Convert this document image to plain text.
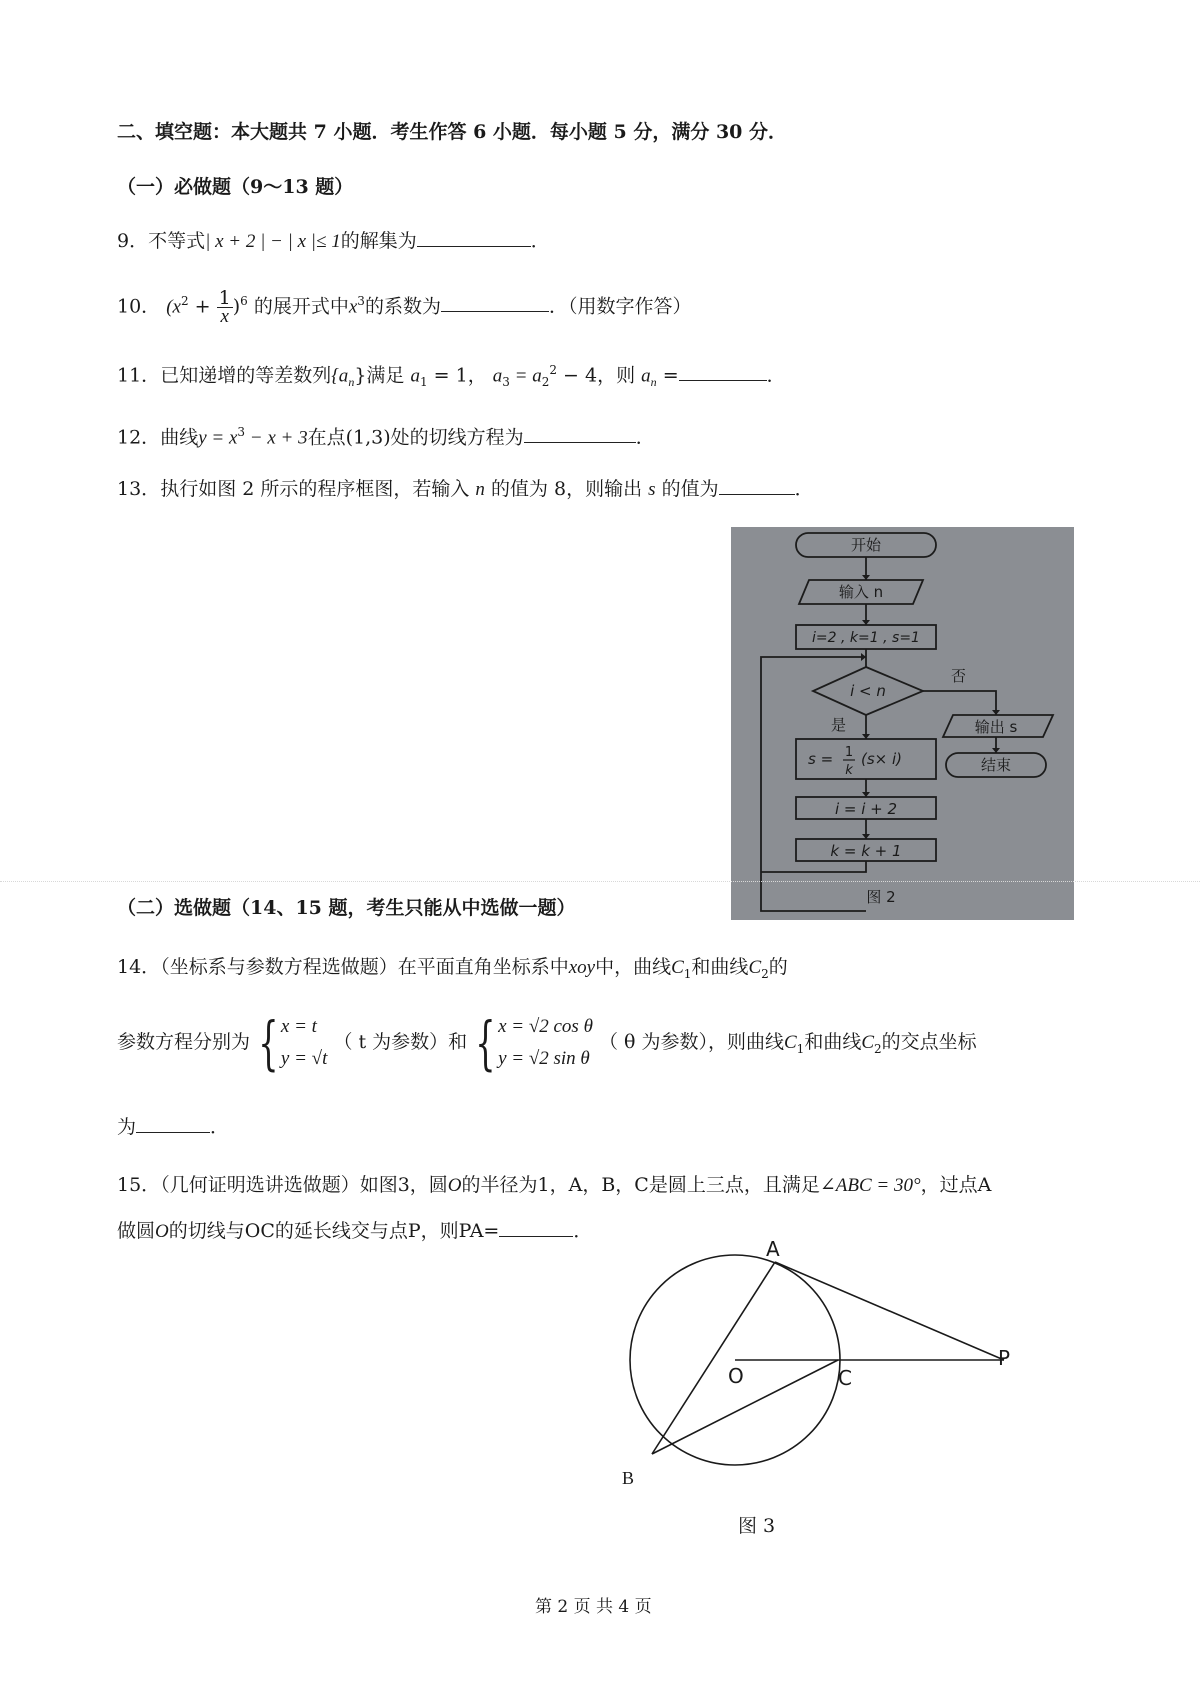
二、填空题：本大题共 7 小题．考生作答 6 小题．每小题 5 分，满分 30 分．
（一）必做题（9～13 题）
9．不等式| x + 2 | − | x |≤ 1的解集为	．
10． $(x^2 + \frac{1}{x} )^6$ 的展开式中$x^3$的系数为	．（用数字作答）
11．已知递增的等差数列$\{a_n\}$满足 $a_1 = 1$， $a_3 = a_2^2 - 4$，则 $a_n$ =	．
12．曲线$y = x^3 - x + 3$在点(1,3)处的切线方程为	．
13．执行如图 2 所示的程序框图，若输入 n 的值为 8，则输出 s 的值为	．
开始
输入 n
i=2 , k=1 , s=1
i < n
否
是
s = 1
k
(s× i)
i = i + 2
k = k + 1
输出 s
结束
图 2
（二）选做题（14、15 题，考生只能从中选做一题）
14．（坐标系与参数方程选做题）在平面直角坐标系中xoy中，曲线$C_1$和曲线$C_2$的
参数方程分别为 { x = t
y = √t
（ t 为参数）和 { x = √2 cos θ
y = √2 sin θ
（ θ 为参数），则曲线$C_1$和曲线$C_2$的交点坐标
为	．
15．（几何证明选讲选做题）如图3，圆O的半径为1，A，B，C是圆上三点，且满足∠ABC = 30°，过点A
做圆O的切线与OC的延长线交与点P，则PA=	．
A
O	C
P
B
图 3
第 2 页 共 4 页
